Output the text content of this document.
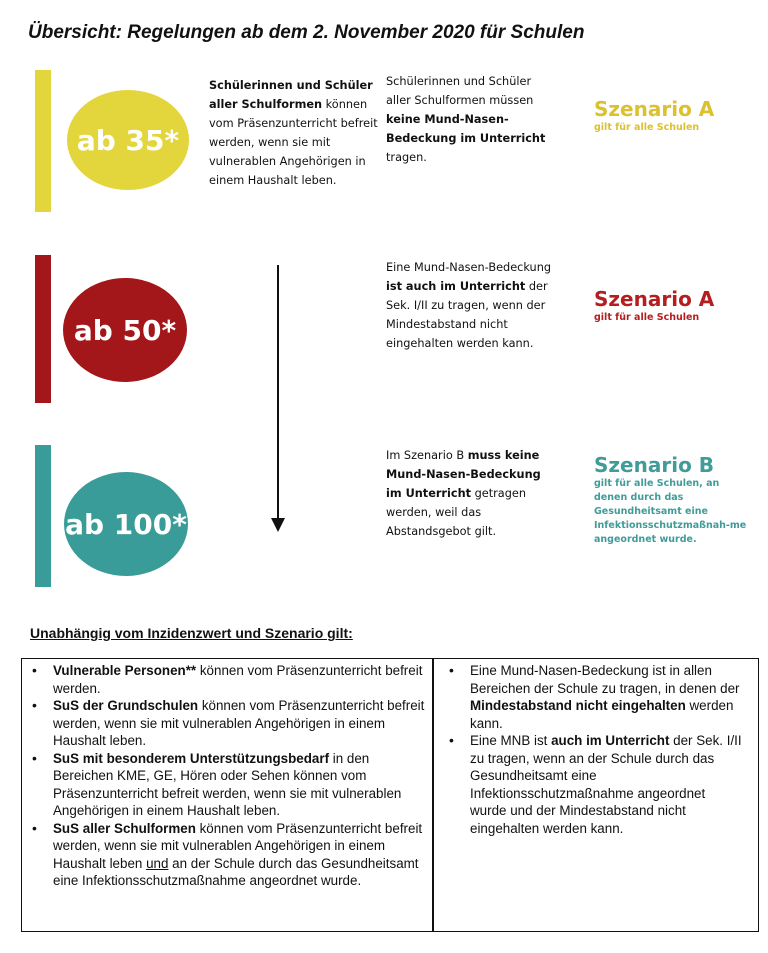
Übersicht: Regelungen ab dem 2. November 2020 für Schulen
ab 35*
Schülerinnen und Schüler aller Schulformen können vom Präsenzunterricht befreit werden, wenn sie mit vulnerablen Angehörigen in einem Haushalt leben.
Schülerinnen und Schüler aller Schulformen müssen keine Mund-Nasen-Bedeckung im Unterricht tragen.
Szenario A
gilt für alle Schulen
ab 50*
Eine Mund-Nasen-Bedeckung ist auch im Unterricht der Sek. I/II zu tragen, wenn der Mindestabstand nicht eingehalten werden kann.
Szenario A
gilt für alle Schulen
ab 100*
Im Szenario B muss keine Mund-Nasen-Bedeckung im Unterricht getragen werden, weil das Abstandsgebot gilt.
Szenario B
gilt für alle Schulen, an denen durch das Gesundheitsamt eine Infektionsschutzmaßnah-me angeordnet wurde.
Unabhängig vom Inzidenzwert und Szenario gilt:
• Vulnerable Personen** können vom Präsenzunterricht befreit werden.
• SuS der Grundschulen können vom Präsenzunterricht befreit werden, wenn sie mit vulnerablen Angehörigen in einem Haushalt leben.
• SuS mit besonderem Unterstützungsbedarf in den Bereichen KME, GE, Hören oder Sehen können vom Präsenzunterricht befreit werden, wenn sie mit vulnerablen Angehörigen in einem Haushalt leben.
• SuS aller Schulformen können vom Präsenzunterricht befreit werden, wenn sie mit vulnerablen Angehörigen in einem Haushalt leben und an der Schule durch das Gesundheitsamt eine Infektionsschutzmaßnahme angeordnet wurde.
• Eine Mund-Nasen-Bedeckung ist in allen Bereichen der Schule zu tragen, in denen der Mindestabstand nicht eingehalten werden kann.
• Eine MNB ist auch im Unterricht der Sek. I/II zu tragen, wenn an der Schule durch das Gesundheitsamt eine Infektionsschutzmaßnahme angeordnet wurde und der Mindestabstand nicht eingehalten werden kann.
